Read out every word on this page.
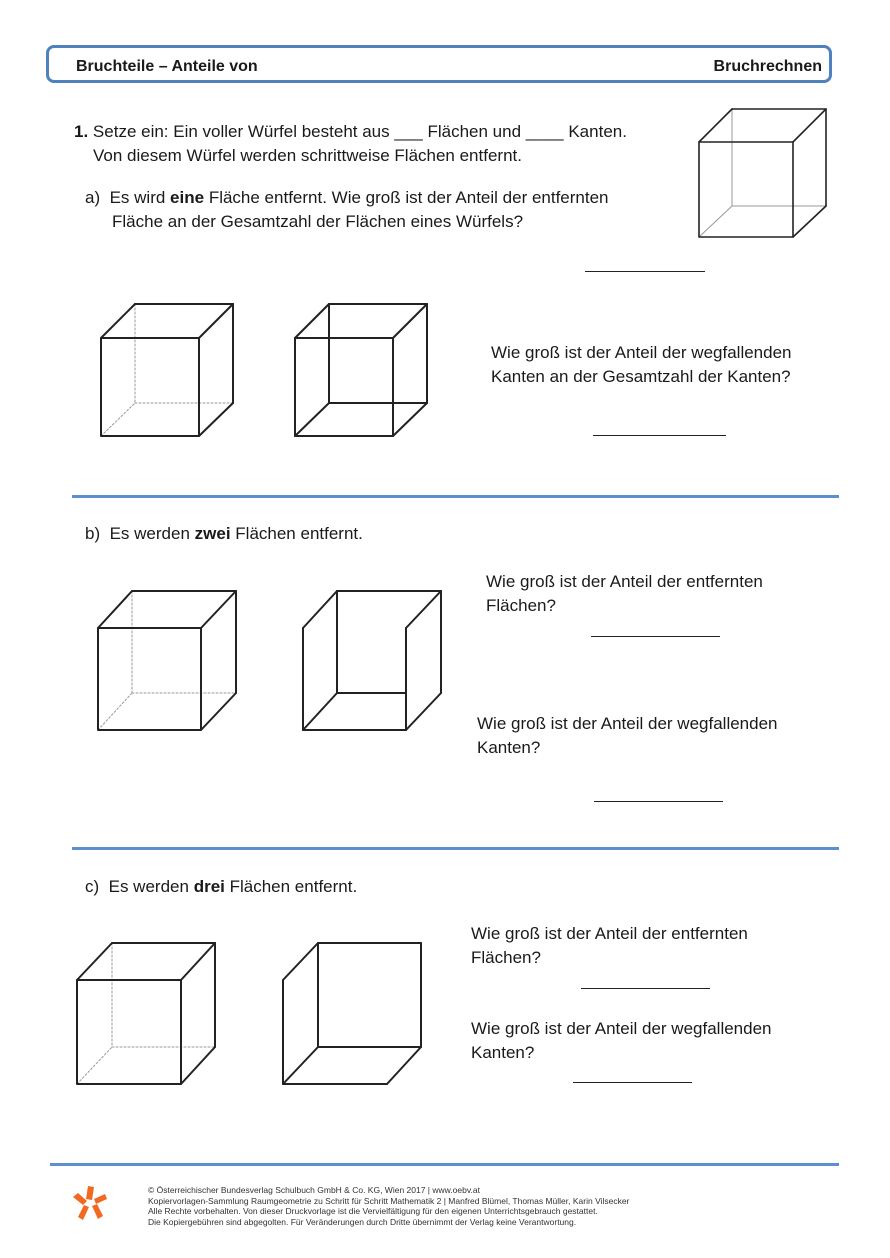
Bruchteile – Anteile von	Bruchrechnen
1. Setze ein: Ein voller Würfel besteht aus ___ Flächen und ____ Kanten.
Von diesem Würfel werden schrittweise Flächen entfernt.
a) Es wird eine Fläche entfernt. Wie groß ist der Anteil der entfernten
Fläche an der Gesamtzahl der Flächen eines Würfels?
Wie groß ist der Anteil der wegfallenden
Kanten an der Gesamtzahl der Kanten?
b) Es werden zwei Flächen entfernt.
Wie groß ist der Anteil der entfernten
Flächen?
Wie groß ist der Anteil der wegfallenden
Kanten?
c) Es werden drei Flächen entfernt.
Wie groß ist der Anteil der entfernten
Flächen?
Wie groß ist der Anteil der wegfallenden
Kanten?
© Österreichischer Bundesverlag Schulbuch GmbH & Co. KG, Wien 2017 | www.oebv.at
Kopiervorlagen-Sammlung Raumgeometrie zu Schritt für Schritt Mathematik 2 | Manfred Blümel, Thomas Müller, Karin Vilsecker
Alle Rechte vorbehalten. Von dieser Druckvorlage ist die Vervielfältigung für den eigenen Unterrichtsgebrauch gestattet.
Die Kopiergebühren sind abgegolten. Für Veränderungen durch Dritte übernimmt der Verlag keine Verantwortung.
